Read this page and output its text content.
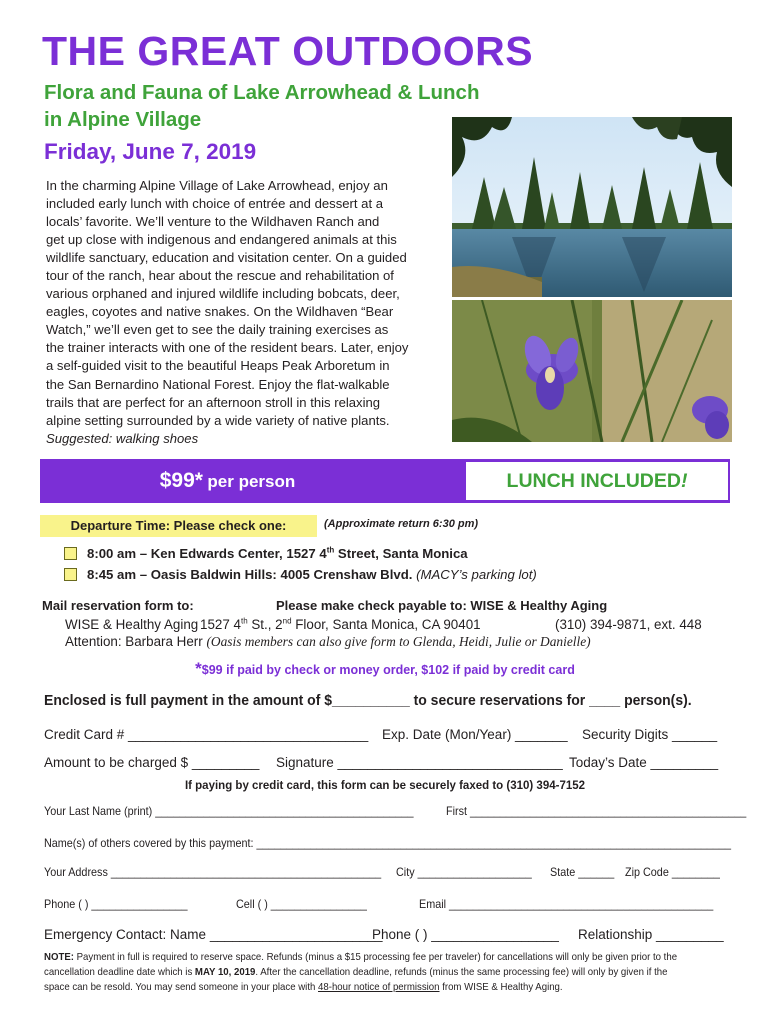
THE GREAT OUTDOORS
Flora and Fauna of Lake Arrowhead & Lunch
in Alpine Village
Friday, June 7, 2019
In the charming Alpine Village of Lake Arrowhead, enjoy an
included early lunch with choice of entrée and dessert at a
locals’ favorite. We’ll venture to the Wildhaven Ranch and
get up close with indigenous and endangered animals at this
wildlife sanctuary, education and visitation center. On a guided
tour of the ranch, hear about the rescue and rehabilitation of
various orphaned and injured wildlife including bobcats, deer,
eagles, coyotes and native snakes. On the Wildhaven “Bear
Watch,” we’ll even get to see the daily training exercises as
the trainer interacts with one of the resident bears. Later, enjoy
a self-guided visit to the beautiful Heaps Peak Arboretum in
the San Bernardino National Forest. Enjoy the flat-walkable
trails that are perfect for an afternoon stroll in this relaxing
alpine setting surrounded by a wide variety of native plants.
Suggested: walking shoes
$99* per person	LUNCH INCLUDED!
Departure Time: Please check one:	(Approximate return 6:30 pm)
8:00 am – Ken Edwards Center, 1527 4th Street, Santa Monica
8:45 am – Oasis Baldwin Hills: 4005 Crenshaw Blvd.
(MACY’s parking lot)
Mail reservation form to:	Please make check payable to: WISE & Healthy Aging
WISE & Healthy Aging 1527 4th St., 2nd Floor, Santa Monica, CA 90401	(310) 394-9871, ext. 448
Attention: Barbara Herr (Oasis members can also give form to Glenda, Heidi, Julie or Danielle)
*$99 if paid by check or money order, $102 if paid by credit card
Enclosed is full payment in the amount of $__________ to secure reservations for ____ person(s).
Credit Card # ________________________________ Exp. Date (Mon/Year) _______ Security Digits ______
Amount to be charged $ _________ Signature ______________________________ Today’s Date _________
If paying by credit card, this form can be securely faxed to (310) 394-7152
Your Last Name (print) ___________________________________________	First ______________________________________________
Name(s) of others covered by this payment: _______________________________________________________________________________
Your Address _____________________________________________ City ___________________ State ______ Zip Code ________
Phone ( ) ________________	Cell ( ) ________________	Email ____________________________________________
Emergency Contact: Name _______________________
Phone ( ) _________________ Relationship _________
NOTE: Payment in full is required to reserve space. Refunds (minus a $15 processing fee per traveler) for cancellations will only be given prior to the
cancellation deadline date which is MAY 10, 2019. After the cancellation deadline, refunds (minus the same processing fee) will only by given if the
space can be resold. You may send someone in your place with 48-hour notice of permission from WISE & Healthy Aging.
